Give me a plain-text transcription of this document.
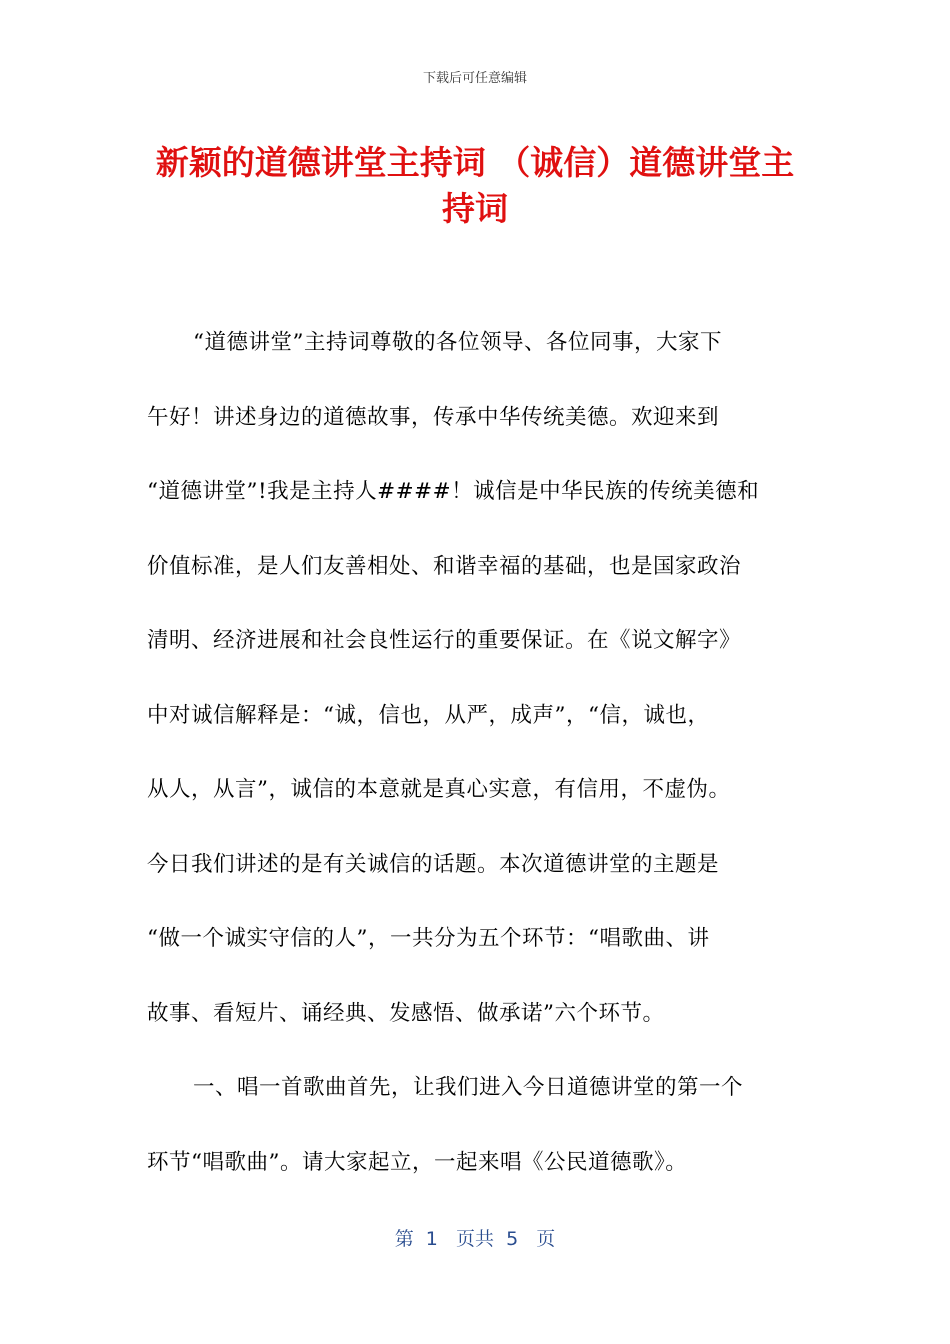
下载后可任意编辑
新颖的道德讲堂主持词 （诚信）道德讲堂主
持词
“道德讲堂”主持词尊敬的各位领导、各位同事，大家下
午好！讲述身边的道德故事，传承中华传统美德。欢迎来到
“道德讲堂”!我是主持人####！诚信是中华民族的传统美德和
价值标准，是人们友善相处、和谐幸福的基础，也是国家政治
清明、经济进展和社会良性运行的重要保证。在《说文解字》
中对诚信解释是：“诚，信也，从严，成声”，“信，诚也，
从人，从言”，诚信的本意就是真心实意，有信用，不虚伪。
今日我们讲述的是有关诚信的话题。本次道德讲堂的主题是
“做一个诚实守信的人”，一共分为五个环节：“唱歌曲、讲
故事、看短片、诵经典、发感悟、做承诺”六个环节。
一、唱一首歌曲首先，让我们进入今日道德讲堂的第一个
环节“唱歌曲”。请大家起立，一起来唱《公民道德歌》。
第  1   页共  5   页
